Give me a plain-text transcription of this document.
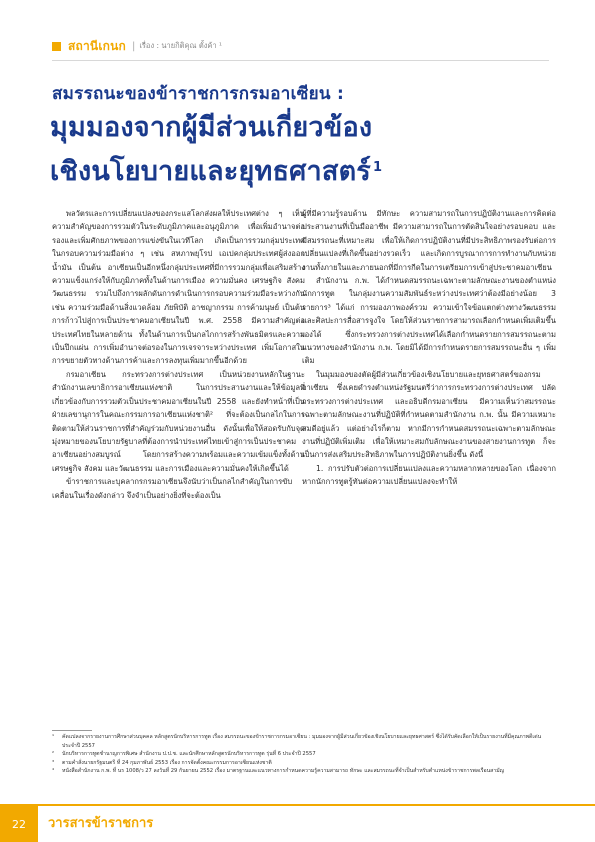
สถานีเกนก | เรื่อง : นายกิติคุณ ตั้งค้า ¹
สมรรถนะของข้าราชการกรมอาเซียน :
มุมมองจากผู้มีส่วนเกี่ยวข้อง
เชิงนโยบายและยุทธศาสตร์ $^1$

พลวัตรและการเปลี่ยนแปลงของกระแสโลกส่งผลให้ประเทศต่าง ๆ เห็นความสำคัญของการรวมตัวในระดับภูมิภาคและอนุภูมิภาค เพื่อเพิ่มอำนาจต่อรองและเพิ่มศักยภาพของการแข่งขันในเวทีโลก เกิดเป็นการรวมกลุ่มประเทศในกรอบความร่วมมือต่าง ๆ เช่น สหภาพยุโรป เอเปคกลุ่มประเทศผู้ส่งออกน้ำมัน เป็นต้น อาเซียนเป็นอีกหนึ่งกลุ่มประเทศที่มีการรวมกลุ่มเพื่อเสริมสร้างความแข็งแกร่งให้กับภูมิภาคทั้งในด้านการเมือง ความมั่นคง เศรษฐกิจ สังคม วัฒนธรรม รวมไปถึงการผลักดันการดำเนินการกรอบความร่วมมือระหว่างกันเช่น ความร่วมมือด้านสิ่งแวดล้อม ภัยพิบัติ อาชญากรรม การค้ามนุษย์ เป็นต้น การก้าวไปสู่การเป็นประชาคมอาเซียนในปี พ.ศ. 2558 มีความสำคัญต่อประเทศไทยในหลายด้าน ทั้งในด้านการเป็นกลไกการสร้างพันธมิตรและความเป็นปึกแผ่น การเพิ่มอำนาจต่อรองในการเจรจาระหว่างประเทศ เพิ่มโอกาสในการขยายตัวทางด้านการค้าและการลงทุนเพิ่มมากขึ้นอีกด้วย

กรมอาเซียน กระทรวงการต่างประเทศ เป็นหน่วยงานหลักในฐานะสำนักงานเลขาธิการอาเซียนแห่งชาติ ในการประสานงานและให้ข้อมูลที่เกี่ยวข้องกับการรวมตัวเป็นประชาคมอาเซียนในปี 2558 และยังทำหน้าที่เป็นฝ่ายเลขานุการในคณะกรรมการอาเซียนแห่งชาติ² ที่จะต้องเป็นกลไกในการติดตามให้ส่วนราชการที่สำคัญร่วมกับหน่วยงานอื่น ดังนั้นเพื่อให้สอดรับกับจุดมุ่งหมายของนโยบายรัฐบาลที่ต้องการนำประเทศไทยเข้าสู่การเป็นประชาคมอาเซียนอย่างสมบูรณ์ โดยการสร้างความพร้อมและความเข้มแข็งทั้งด้านเศรษฐกิจ สังคม และวัฒนธรรม และการเมืองและความมั่นคงให้เกิดขึ้นได้

ข้าราชการและบุคลากรกรมอาเซียนจึงนับว่าเป็นกลไกสำคัญในการขับเคลื่อนในเรื่องดังกล่าว จึงจำเป็นอย่างยิ่งที่จะต้องเป็น

ผู้ที่มีความรู้รอบด้าน มีทักษะ ความสามารถในการปฏิบัติงานและการคิดต่อประสานงานที่เป็นมืออาชีพ มีความสามารถในการตัดสินใจอย่างรอบคอบ และมีสมรรถนะที่เหมาะสม เพื่อให้เกิดการปฏิบัติงานที่มีประสิทธิภาพรองรับต่อการเปลี่ยนแปลงที่เกิดขึ้นอย่างรวดเร็ว และเกิดการบูรณาการการทำงานกับหน่วยงานทั้งภายในและภายนอกที่มีการกีดในการเตรียมการเข้าสู่ประชาคมอาเซียน

สำนักงาน ก.พ. ได้กำหนดสมรรถนะเฉพาะตามลักษณะงานของตำแหน่งนักการทูต ในกลุ่มงานความสัมพันธ์ระหว่างประเทศว่าต้องมีอย่างน้อย 3 รายการ³ ได้แก่ การมองภาพองค์รวม ความเข้าใจข้อแตกต่างทางวัฒนธรรม และศิลปะการสื่อสารจูงใจ โดยให้ส่วนราชการสามารถเลือกกำหนดเพิ่มเติมขึ้นเองได้ ซึ่งกระทรวงการต่างประเทศได้เลือกกำหนดรายการสมรรถนะตามแนวทางของสำนักงาน ก.พ. โดยมิได้มีการกำหนดรายการสมรรถนะอื่น ๆ เพิ่มเติม

ในมุมมองของตัดผู้มีส่วนเกี่ยวข้องเชิงนโยบายและยุทธศาสตร์ของกรมอาเซียน ซึ่งเคยดำรงตำแหน่งรัฐมนตรีว่าการกระทรวงการต่างประเทศ ปลัดกระทรวงการต่างประเทศ และอธิบดีกรมอาเซียน มีความเห็นว่าสมรรถนะเฉพาะตามลักษณะงานที่ปฏิบัติที่กำหนดตามสำนักงาน ก.พ. นั้น มีความเหมาะสมดีอยู่แล้ว แต่อย่างไรก็ตาม หากมีการกำหนดสมรรถนะเฉพาะตามลักษณะงานที่ปฏิบัติเพิ่มเติม เพื่อให้เหมาะสมกับลักษณะงานของสายงานการทูต ก็จะเป็นการส่งเสริมประสิทธิภาพในการปฏิบัติงานยิ่งขึ้น ดังนี้

1. การปรับตัวต่อการเปลี่ยนแปลงและความหลากหลายของโลก เนื่องจากหากนักการทูตรู้ทันต่อความเปลี่ยนแปลงจะทำให้

¹	คัดแปลงจากรายงานการศึกษาส่วนบุคคล หลักสูตรนักบริหารการทูต เรื่อง สมรรถนะของข้าราชการกรมอาเซียน : มุมมองจากผู้มีส่วนเกี่ยวข้องเชิงนโยบายและยุทธศาสตร์ ซึ่งได้รับคัดเลือกให้เป็นรายงานที่มีคุณภาพดีเด่น ประจำปี 2557
²	นักบริหารการทูตชำนาญการพิเศษ สำนักงาน ป.ป.ช. และนักศึกษาหลักสูตรนักบริหารการทูต รุ่นที่ 6 ประจำปี 2557
³	ตามคำสั่งนายกรัฐมนตรี ที่ 24 กุมภาพันธ์ 2553 เรื่อง การจัดตั้งคณะกรรมการอาเซียนแห่งชาติ
⁴	หนังสือสำนักงาน ก.พ. ที่ นร 1008/ว 27 ลงวันที่ 29 กันยายน 2552 เรื่อง มาตรฐานและแนวทางการกำหนดความรู้ความสามารถ ทักษะ และสมรรถนะที่จำเป็นสำหรับตำแหน่งข้าราชการพลเรือนสามัญ
22	วารสารข้าราชการ
